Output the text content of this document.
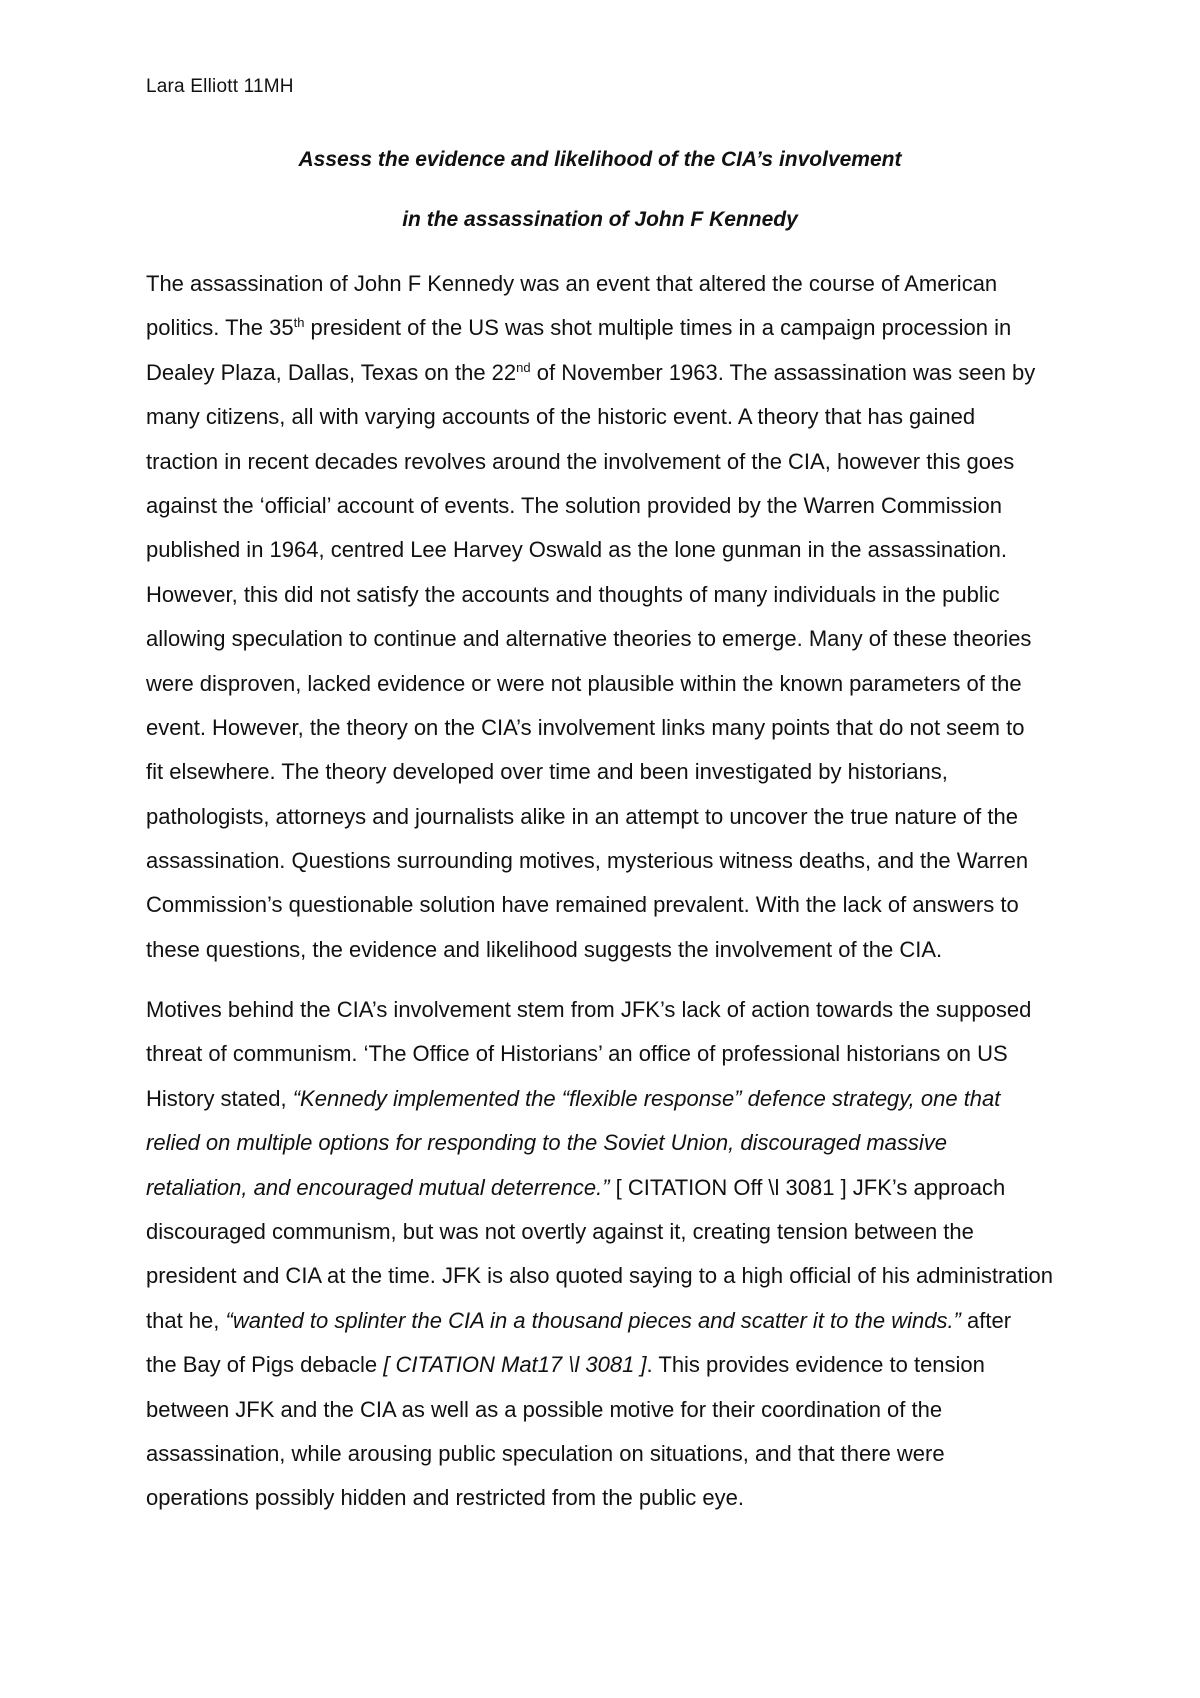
Lara Elliott 11MH
Assess the evidence and likelihood of the CIA’s involvement
in the assassination of John F Kennedy
The assassination of John F Kennedy was an event that altered the course of American
politics. The 35th president of the US was shot multiple times in a campaign procession in
Dealey Plaza, Dallas, Texas on the 22nd of November 1963. The assassination was seen by
many citizens, all with varying accounts of the historic event. A theory that has gained
traction in recent decades revolves around the involvement of the CIA, however this goes
against the ‘official’ account of events. The solution provided by the Warren Commission
published in 1964, centred Lee Harvey Oswald as the lone gunman in the assassination.
However, this did not satisfy the accounts and thoughts of many individuals in the public
allowing speculation to continue and alternative theories to emerge. Many of these theories
were disproven, lacked evidence or were not plausible within the known parameters of the
event. However, the theory on the CIA’s involvement links many points that do not seem to
fit elsewhere. The theory developed over time and been investigated by historians,
pathologists, attorneys and journalists alike in an attempt to uncover the true nature of the
assassination. Questions surrounding motives, mysterious witness deaths, and the Warren
Commission’s questionable solution have remained prevalent. With the lack of answers to
these questions, the evidence and likelihood suggests the involvement of the CIA.
Motives behind the CIA’s involvement stem from JFK’s lack of action towards the supposed
threat of communism. ‘The Office of Historians’ an office of professional historians on US
History stated, “Kennedy implemented the “flexible response” defence strategy, one that
relied on multiple options for responding to the Soviet Union, discouraged massive
retaliation, and encouraged mutual deterrence.” [ CITATION Off \l 3081 ] JFK’s approach
discouraged communism, but was not overtly against it, creating tension between the
president and CIA at the time. JFK is also quoted saying to a high official of his administration
that he, “wanted to splinter the CIA in a thousand pieces and scatter it to the winds.” after
the Bay of Pigs debacle [ CITATION Mat17 \l 3081 ]. This provides evidence to tension
between JFK and the CIA as well as a possible motive for their coordination of the
assassination, while arousing public speculation on situations, and that there were
operations possibly hidden and restricted from the public eye.
